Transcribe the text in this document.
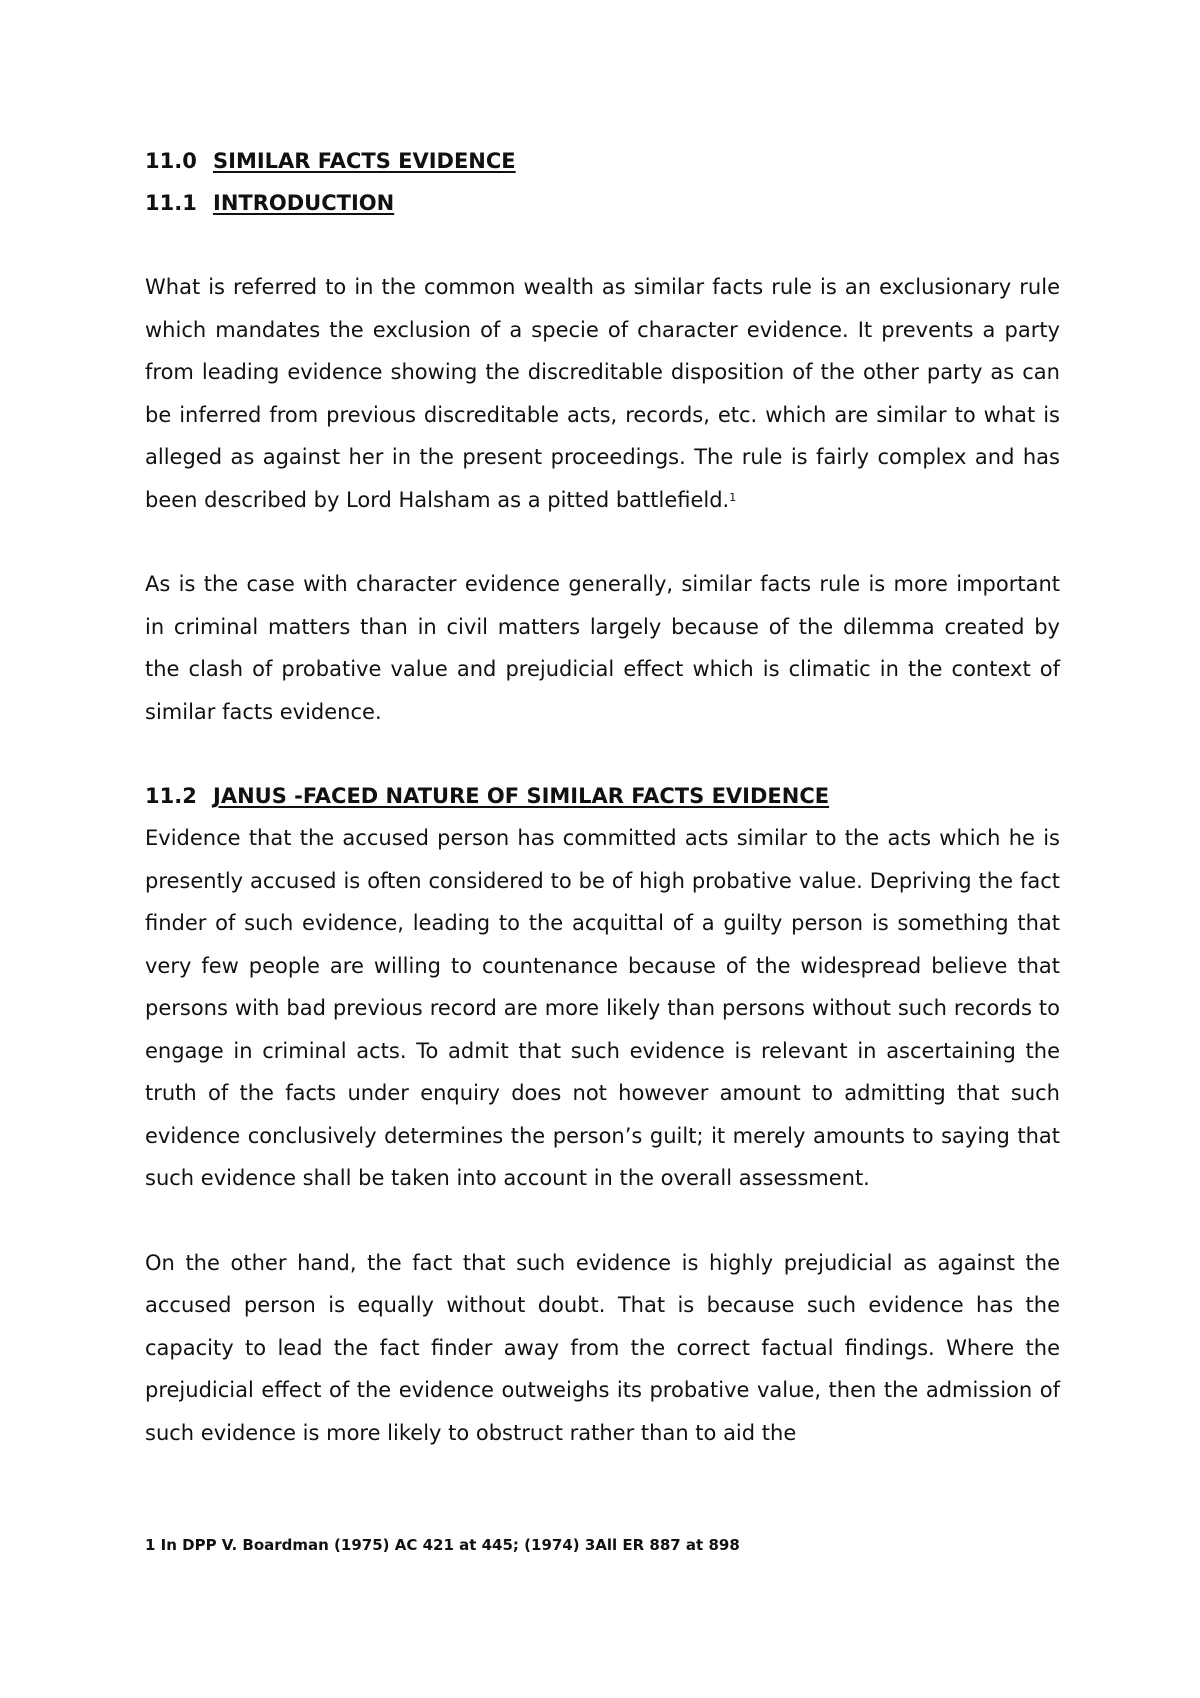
11.0 SIMILAR FACTS EVIDENCE
11.1 INTRODUCTION

What is referred to in the common wealth as similar facts rule is an exclusionary rule which mandates the exclusion of a specie of character evidence. It prevents a party from leading evidence showing the discreditable disposition of the other party as can be inferred from previous discreditable acts, records, etc. which are similar to what is alleged as against her in the present proceedings. The rule is fairly complex and has been described by Lord Halsham as a pitted battlefield.$^1$

As is the case with character evidence generally, similar facts rule is more important in criminal matters than in civil matters largely because of the dilemma created by the clash of probative value and prejudicial effect which is climatic in the context of similar facts evidence.

11.2 JANUS -FACED NATURE OF SIMILAR FACTS EVIDENCE

Evidence that the accused person has committed acts similar to the acts which he is presently accused is often considered to be of high probative value. Depriving the fact finder of such evidence, leading to the acquittal of a guilty person is something that very few people are willing to countenance because of the widespread believe that persons with bad previous record are more likely than persons without such records to engage in criminal acts. To admit that such evidence is relevant in ascertaining the truth of the facts under enquiry does not however amount to admitting that such evidence conclusively determines the person’s guilt; it merely amounts to saying that such evidence shall be taken into account in the overall assessment.

On the other hand, the fact that such evidence is highly prejudicial as against the accused person is equally without doubt. That is because such evidence has the capacity to lead the fact finder away from the correct factual findings. Where the prejudicial effect of the evidence outweighs its probative value, then the admission of such evidence is more likely to obstruct rather than to aid the

1 In DPP V. Boardman (1975) AC 421 at 445; (1974) 3All ER 887 at 898
